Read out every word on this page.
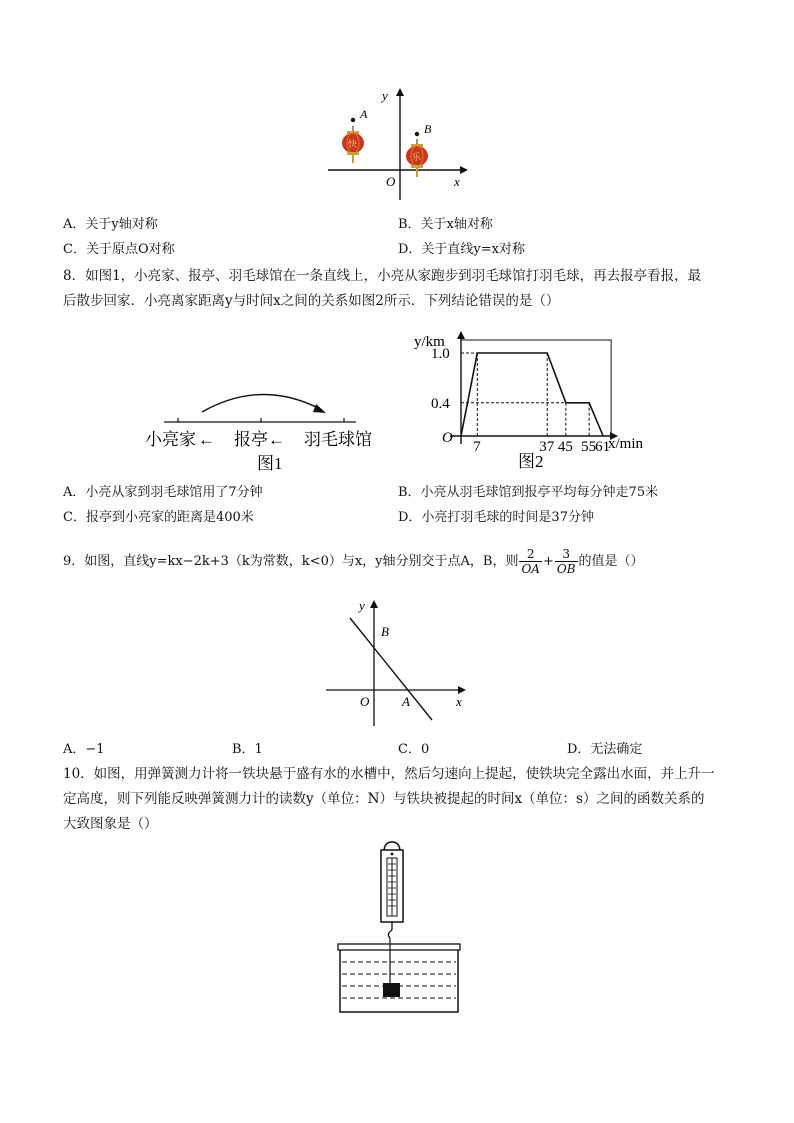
y
x
O
A
快
B
乐
A．关于y轴对称	B．关于x轴对称
C．关于原点O对称	D．关于直线y=x对称
8．如图1，小亮家、报亭、羽毛球馆在一条直线上，小亮从家跑步到羽毛球馆打羽毛球，再去报亭看报，最
后散步回家．小亮离家距离y与时间x之间的关系如图2所示．下列结论错误的是（）
小亮家 ← 报亭 ← 羽毛球馆
图1
y/km
x/min
O
1.0
0.4
7	37 45 55
61
图2
A．小亮从家到羽毛球馆用了7分钟	B．小亮从羽毛球馆到报亭平均每分钟走75米
C．报亭到小亮家的距离是400米	D．小亮打羽毛球的时间是37分钟
9．如图，直线y=kx−2k+3（k为常数，k<0）与x，y轴分别交于点A，B，则 $\frac{2}{OA} + \frac{3}{OB}$ 的值是（）
y
x
O
B
A
A．−1	B．1	C．0	D．无法确定
10．如图，用弹簧测力计将一铁块悬于盛有水的水槽中，然后匀速向上提起，使铁块完全露出水面，并上升一
定高度，则下列能反映弹簧测力计的读数y（单位：N）与铁块被提起的时间x（单位：s）之间的函数关系的
大致图象是（）
